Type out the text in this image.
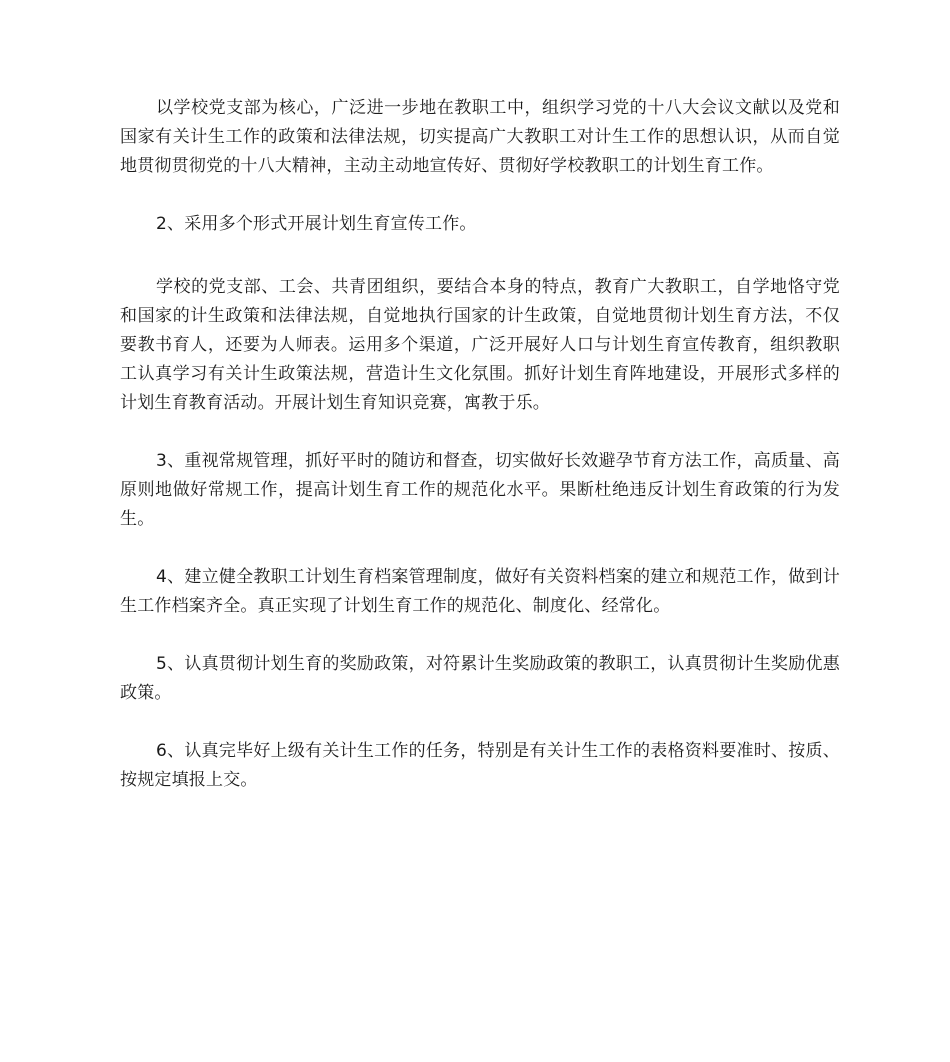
以学校党支部为核心，广泛进一步地在教职工中，组织学习党的十八大会议文献以及党和国家有关计生工作的政策和法律法规，切实提高广大教职工对计生工作的思想认识，从而自觉地贯彻贯彻党的十八大精神，主动主动地宣传好、贯彻好学校教职工的计划生育工作。

2、采用多个形式开展计划生育宣传工作。

学校的党支部、工会、共青团组织，要结合本身的特点，教育广大教职工，自学地恪守党和国家的计生政策和法律法规，自觉地执行国家的计生政策，自觉地贯彻计划生育方法，不仅要教书育人，还要为人师表。运用多个渠道，广泛开展好人口与计划生育宣传教育，组织教职工认真学习有关计生政策法规，营造计生文化氛围。抓好计划生育阵地建设，开展形式多样的计划生育教育活动。开展计划生育知识竞赛，寓教于乐。

3、重视常规管理，抓好平时的随访和督查，切实做好长效避孕节育方法工作，高质量、高原则地做好常规工作，提高计划生育工作的规范化水平。果断杜绝违反计划生育政策的行为发生。

4、建立健全教职工计划生育档案管理制度，做好有关资料档案的建立和规范工作，做到计生工作档案齐全。真正实现了计划生育工作的规范化、制度化、经常化。

5、认真贯彻计划生育的奖励政策，对符累计生奖励政策的教职工，认真贯彻计生奖励优惠政策。

6、认真完毕好上级有关计生工作的任务，特别是有关计生工作的表格资料要准时、按质、按规定填报上交。
